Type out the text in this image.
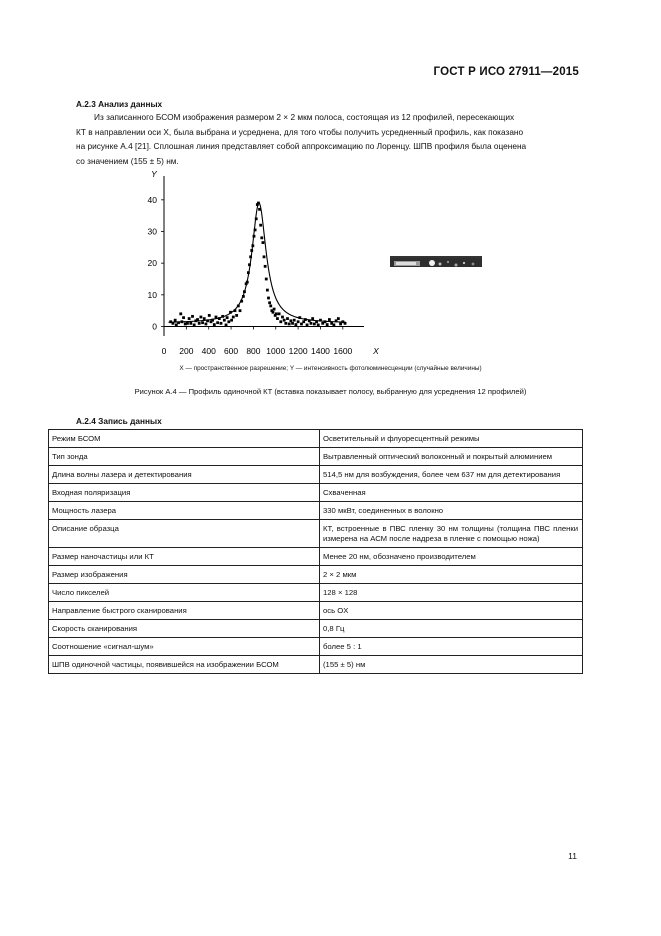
ГОСТ Р ИСО 27911—2015
А.2.3 Анализ данных
Из записанного БСОМ изображения размером 2 × 2 мкм полоса, состоящая из 12 профилей, пересекающих
КТ в направлении оси X, была выбрана и усреднена, для того чтобы получить усредненный профиль, как показано
на рисунке А.4 [21]. Сплошная линия представляет собой аппроксимацию по Лоренцу. ШПВ профиля была оценена
со значением (155 ± 5) нм.
0 200 400 600 800 1000 1200 1400 1600
0
10
20
30
40
X
Y
X — пространственное разрешение; Y — интенсивность фотолюминесценции (случайные величины)
Рисунок А.4 — Профиль одиночной КТ (вставка показывает полосу, выбранную для усреднения 12 профилей)
А.2.4 Запись данных
Режим БСОМ	Осветительный и флуоресцентный режимы
Тип зонда	Вытравленный оптический волоконный и покрытый алюминием
Длина волны лазера и детектирования	514,5 нм для возбуждения, более чем 637 нм для детектирования
Входная поляризация	Схваченная
Мощность лазера	330 мкВт, соединенных в волокно
Описание образца	КТ, встроенные в ПВС пленку 30 нм толщины (толщина ПВС пленки измерена на АСМ после надреза в пленке с помощью ножа)
Размер наночастицы или КТ	Менее 20 нм, обозначено производителем
Размер изображения	2 × 2 мкм
Число пикселей	128 × 128
Направление быстрого сканирования	ось OX
Скорость сканирования	0,8 Гц
Соотношение «сигнал-шум»	более 5 : 1
ШПВ одиночной частицы, появившейся на изображении БСОМ	(155 ± 5) нм
11
